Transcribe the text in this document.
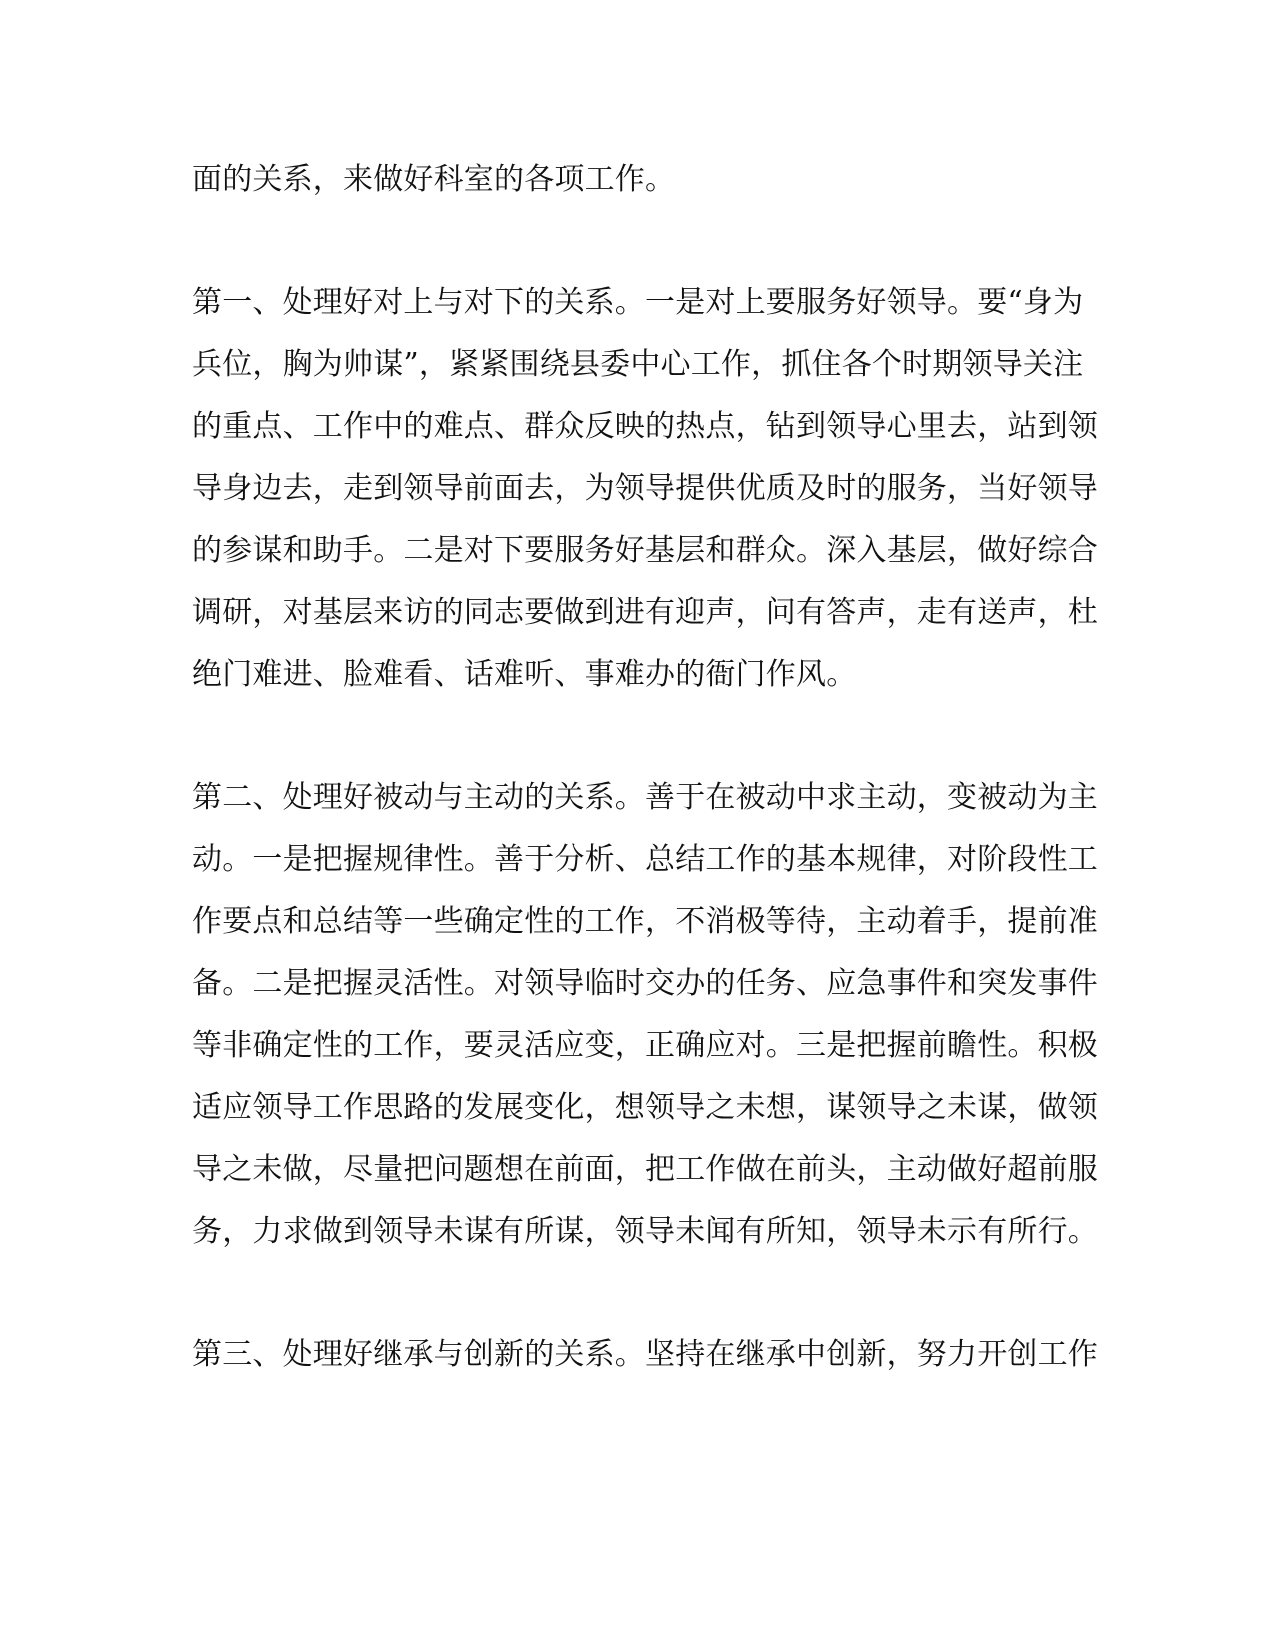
面的关系，来做好科室的各项工作。
第一、处理好对上与对下的关系。一是对上要服务好领导。要“身为
兵位，胸为帅谋”，紧紧围绕县委中心工作，抓住各个时期领导关注
的重点、工作中的难点、群众反映的热点，钻到领导心里去，站到领
导身边去，走到领导前面去，为领导提供优质及时的服务，当好领导
的参谋和助手。二是对下要服务好基层和群众。深入基层，做好综合
调研，对基层来访的同志要做到进有迎声，问有答声，走有送声，杜
绝门难进、脸难看、话难听、事难办的衙门作风。
第二、处理好被动与主动的关系。善于在被动中求主动，变被动为主
动。一是把握规律性。善于分析、总结工作的基本规律，对阶段性工
作要点和总结等一些确定性的工作，不消极等待，主动着手，提前准
备。二是把握灵活性。对领导临时交办的任务、应急事件和突发事件
等非确定性的工作，要灵活应变，正确应对。三是把握前瞻性。积极
适应领导工作思路的发展变化，想领导之未想，谋领导之未谋，做领
导之未做，尽量把问题想在前面，把工作做在前头，主动做好超前服
务，力求做到领导未谋有所谋，领导未闻有所知，领导未示有所行。
第三、处理好继承与创新的关系。坚持在继承中创新，努力开创工作
